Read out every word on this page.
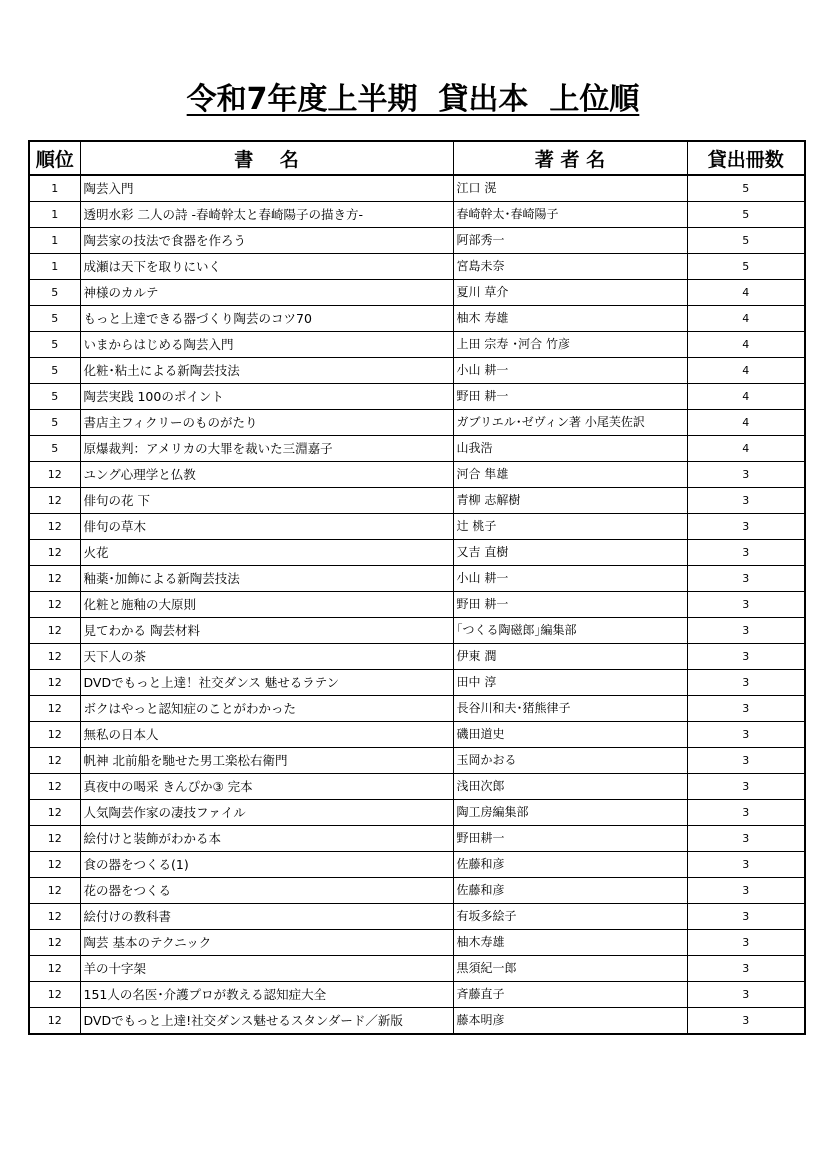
令和7年度上半期  貸出本  上位順
順位	書    名	著 者 名	貸出冊数
1	陶芸入門	江口 滉	5
1	透明水彩 二人の詩 -春崎幹太と春崎陽子の描き方-	春崎幹太･春崎陽子	5
1	陶芸家の技法で食器を作ろう	阿部秀一	5
1	成瀬は天下を取りにいく	宮島未奈	5
5	神様のカルテ	夏川 草介	4
5	もっと上達できる器づくり陶芸のコツ70	柚木 寿雄	4
5	いまからはじめる陶芸入門	上田 宗寿 ･河合 竹彦	4
5	化粧･粘土による新陶芸技法	小山 耕一	4
5	陶芸実践 100のポイント	野田 耕一	4
5	書店主フィクリーのものがたり	ガブリエル･ゼヴィン著 小尾芙佐訳	4
5	原爆裁判：アメリカの大罪を裁いた三淵嘉子	山我浩	4
12	ユング心理学と仏教	河合 隼雄	3
12	俳句の花 下	青柳 志解樹	3
12	俳句の草木	辻 桃子	3
12	火花	又吉 直樹	3
12	釉薬･加飾による新陶芸技法	小山 耕一	3
12	化粧と施釉の大原則	野田 耕一	3
12	見てわかる 陶芸材料	｢つくる陶磁郎｣編集部	3
12	天下人の茶	伊東 潤	3
12	DVDでもっと上達！社交ダンス 魅せるラテン	田中 淳	3
12	ボクはやっと認知症のことがわかった	長谷川和夫･猪熊律子	3
12	無私の日本人	磯田道史	3
12	帆神 北前船を馳せた男工楽松右衛門	玉岡かおる	3
12	真夜中の喝采 きんぴか③ 完本	浅田次郎	3
12	人気陶芸作家の凄技ファイル	陶工房編集部	3
12	絵付けと装飾がわかる本	野田耕一	3
12	食の器をつくる(1)	佐藤和彦	3
12	花の器をつくる	佐藤和彦	3
12	絵付けの教科書	有坂多絵子	3
12	陶芸 基本のテクニック	柚木寿雄	3
12	羊の十字架	黒須紀一郎	3
12	151人の名医･介護プロが教える認知症大全	斉藤直子	3
12	DVDでもっと上達!社交ダンス魅せるスタンダード／新版	藤本明彦	3
